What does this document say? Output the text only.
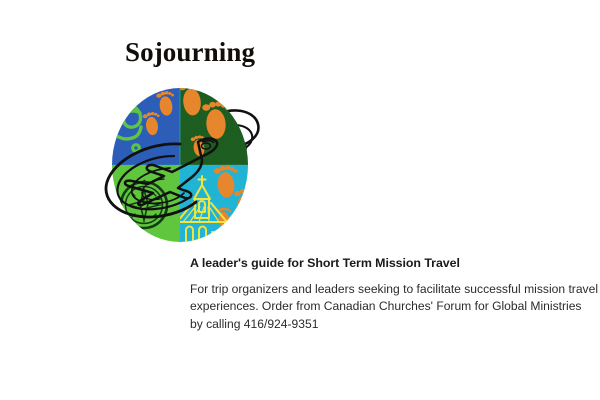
Sojourning
A leader's guide for Short Term Mission Travel

For trip organizers and leaders seeking to facilitate successful mission travel
experiences. Order from Canadian Churches' Forum for Global Ministries
by calling 416/924-9351
